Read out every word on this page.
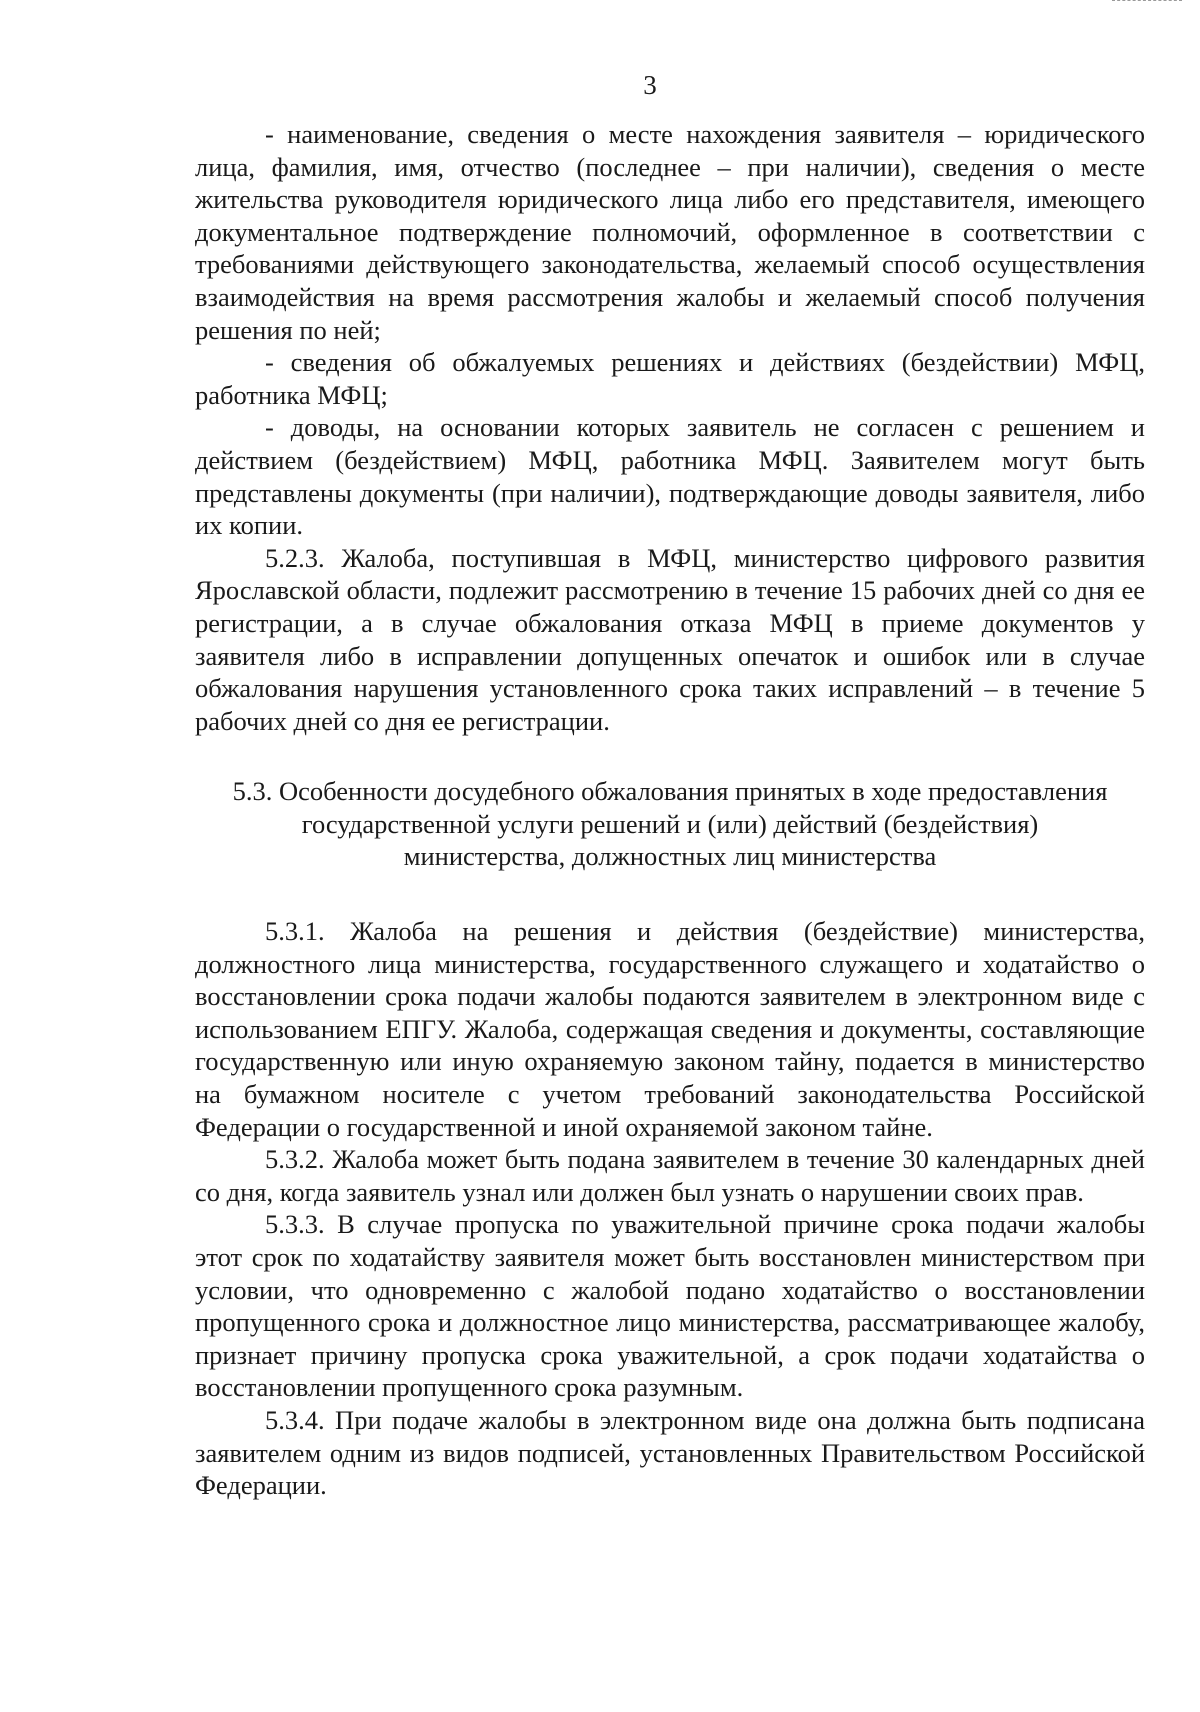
3

- наименование, сведения о месте нахождения заявителя – юридического лица, фамилия, имя, отчество (последнее – при наличии), сведения о месте жительства руководителя юридического лица либо его представителя, имеющего документальное подтверждение полномочий, оформленное в соответствии с требованиями действующего законодательства, желаемый способ осуществления взаимодействия на время рассмотрения жалобы и желаемый способ получения решения по ней;

- сведения об обжалуемых решениях и действиях (бездействии) МФЦ, работника МФЦ;

- доводы, на основании которых заявитель не согласен с решением и действием (бездействием) МФЦ, работника МФЦ. Заявителем могут быть представлены документы (при наличии), подтверждающие доводы заявителя, либо их копии.

5.2.3. Жалоба, поступившая в МФЦ, министерство цифрового развития Ярославской области, подлежит рассмотрению в течение 15 рабочих дней со дня ее регистрации, а в случае обжалования отказа МФЦ в приеме документов у заявителя либо в исправлении допущенных опечаток и ошибок или в случае обжалования нарушения установленного срока таких исправлений – в течение 5 рабочих дней со дня ее регистрации.

5.3. Особенности досудебного обжалования принятых в ходе предоставления
государственной услуги решений и (или) действий (бездействия)
министерства, должностных лиц министерства

5.3.1. Жалоба на решения и действия (бездействие) министерства, должностного лица министерства, государственного служащего и ходатайство о восстановлении срока подачи жалобы подаются заявителем в электронном виде с использованием ЕПГУ. Жалоба, содержащая сведения и документы, составляющие государственную или иную охраняемую законом тайну, подается в министерство на бумажном носителе с учетом требований законодательства Российской Федерации о государственной и иной охраняемой законом тайне.

5.3.2. Жалоба может быть подана заявителем в течение 30 календарных дней со дня, когда заявитель узнал или должен был узнать о нарушении своих прав.

5.3.3. В случае пропуска по уважительной причине срока подачи жалобы этот срок по ходатайству заявителя может быть восстановлен министерством при условии, что одновременно с жалобой подано ходатайство о восстановлении пропущенного срока и должностное лицо министерства, рассматривающее жалобу, признает причину пропуска срока уважительной, а срок подачи ходатайства о восстановлении пропущенного срока разумным.

5.3.4. При подаче жалобы в электронном виде она должна быть подписана заявителем одним из видов подписей, установленных Правительством Российской Федерации.
